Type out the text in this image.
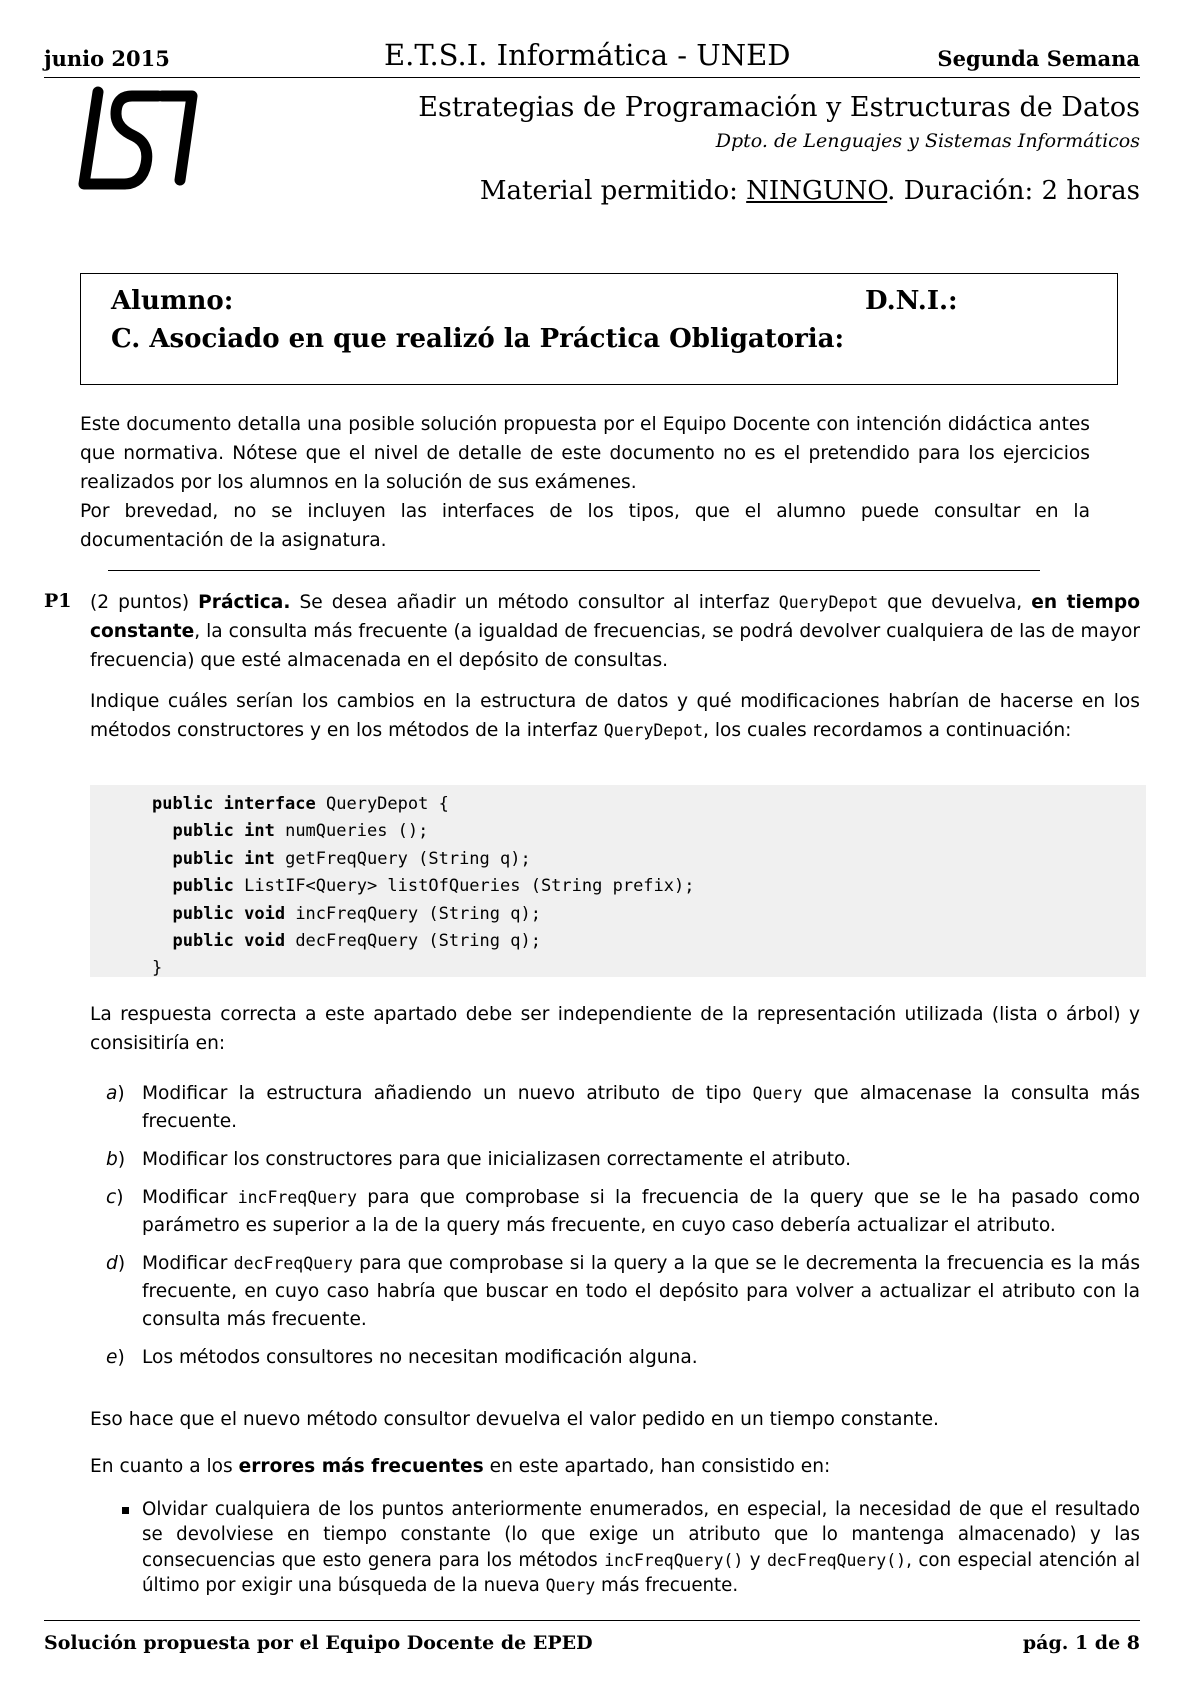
junio 2015	E.T.S.I. Informática - UNED	Segunda Semana
Estrategias de Programación y Estructuras de Datos
Dpto. de Lenguajes y Sistemas Informáticos
Material permitido: NINGUNO. Duración: 2 horas
Alumno:	D.N.I.:
C. Asociado en que realizó la Práctica Obligatoria:

Este documento detalla una posible solución propuesta por el Equipo Docente con intención didáctica antes que normativa. Nótese que el nivel de detalle de este documento no es el pretendido para los ejercicios realizados por los alumnos en la solución de sus exámenes.

Por brevedad, no se incluyen las interfaces de los tipos, que el alumno puede consultar en la documentación de la asignatura.

P1 (2 puntos) Práctica. Se desea añadir un método consultor al interfaz QueryDepot que devuelva, en tiempo constante, la consulta más frecuente (a igualdad de frecuencias, se podrá devolver cualquiera de las de mayor frecuencia) que esté almacenada en el depósito de consultas.

Indique cuáles serían los cambios en la estructura de datos y qué modificaciones habrían de hacerse en los métodos constructores y en los métodos de la interfaz QueryDepot, los cuales recordamos a continuación:

public interface QueryDepot {
public int numQueries ();
public int getFreqQuery (String q);
public ListIF<Query> listOfQueries (String prefix);
public void incFreqQuery (String q);
public void decFreqQuery (String q);
}

La respuesta correcta a este apartado debe ser independiente de la representación utilizada (lista o árbol) y consisitiría en:

a) Modificar la estructura añadiendo un nuevo atributo de tipo Query que almacenase la consulta más frecuente.
b) Modificar los constructores para que inicializasen correctamente el atributo.
c) Modificar incFreqQuery para que comprobase si la frecuencia de la query que se le ha pasado como parámetro es superior a la de la query más frecuente, en cuyo caso debería actualizar el atributo.
d) Modificar decFreqQuery para que comprobase si la query a la que se le decrementa la frecuencia es la más frecuente, en cuyo caso habría que buscar en todo el depósito para volver a actualizar el atributo con la consulta más frecuente.
e) Los métodos consultores no necesitan modificación alguna.
Eso hace que el nuevo método consultor devuelva el valor pedido en un tiempo constante.
En cuanto a los errores más frecuentes en este apartado, han consistido en:

Olvidar cualquiera de los puntos anteriormente enumerados, en especial, la necesidad de que el resultado se devolviese en tiempo constante (lo que exige un atributo que lo mantenga almacenado) y las consecuencias que esto genera para los métodos incFreqQuery() y decFreqQuery(), con especial atención al último por exigir una búsqueda de la nueva Query más frecuente.

Solución propuesta por el Equipo Docente de EPED	pág. 1 de 8
